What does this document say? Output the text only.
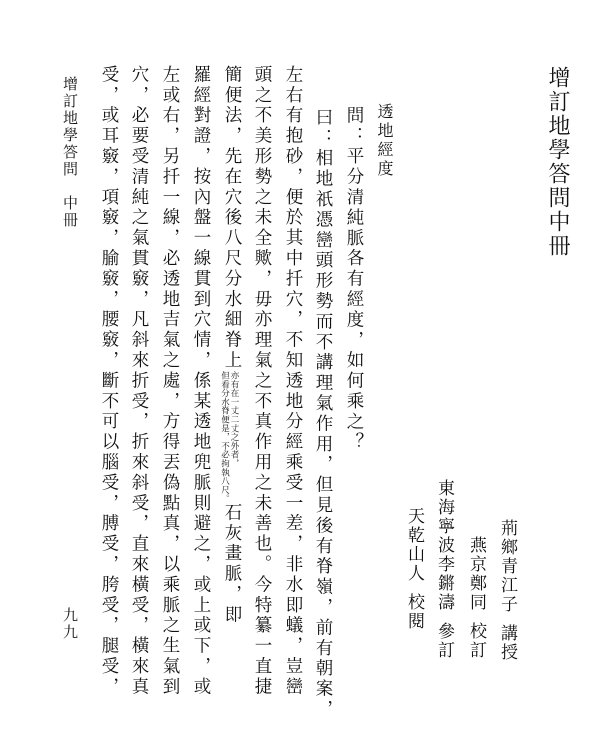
增訂地學答問中冊
荊鄉青江子講授
燕京鄭同校訂
東海寧波李鏘濤參訂
天乾山人校閱
透地經度
問：平分清純脈各有經度，如何乘之？
曰：相地祇憑巒頭形勢而不講理氣作用，但見後有脊嶺，前有朝案，
左右有抱砂，便於其中扦穴，不知透地分經乘受一差，非水即蟻，豈巒
頭之不美形勢之未全歟，毋亦理氣之不真作用之未善也。今特纂一直捷
簡便法，先在穴後八尺分水細脊上
亦有在一丈二丈之外者，
但看分水脊便是，不必拘執八尺。
石灰畫脈，即
羅經對證，按內盤一線貫到穴情，係某透地兜脈則避之，或上或下，或
左或右，另扦一線，必透地吉氣之處，方得丟偽點真，以乘脈之生氣到
穴，必要受清純之氣貫竅，凡斜來折受，折來斜受，直來橫受，橫來真
受，或耳竅，項竅，腧竅，腰竅，斷不可以腦受，膊受，胯受，腿受，
增訂地學答問　中冊
九九
